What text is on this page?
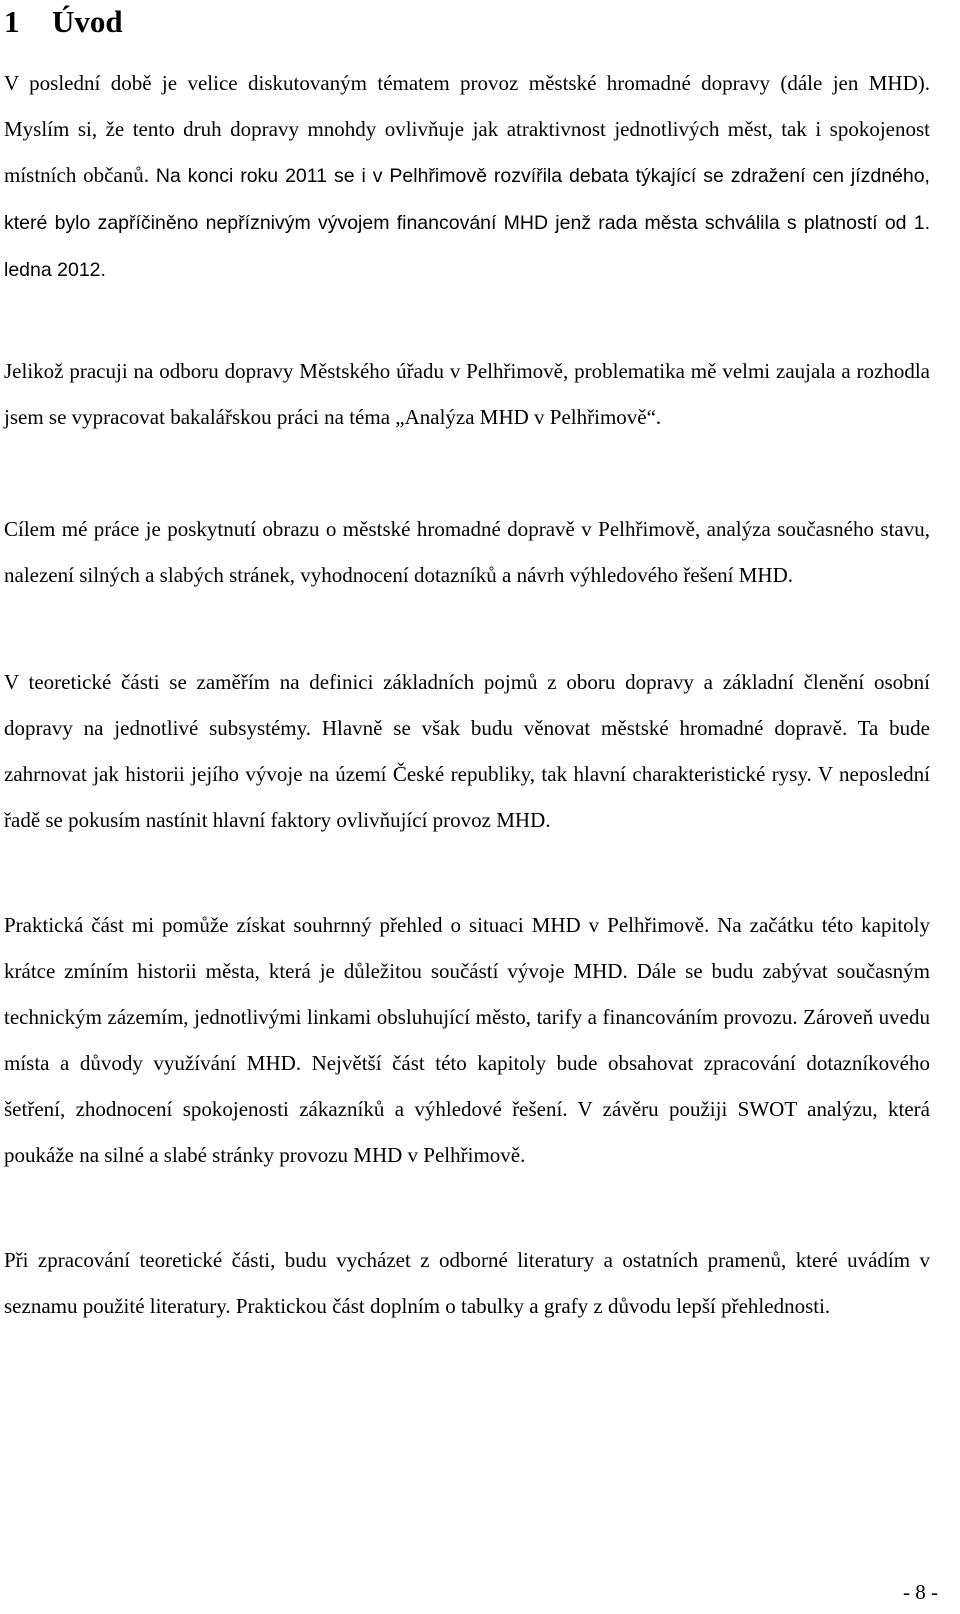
1 Úvod

V poslední době je velice diskutovaným tématem provoz městské hromadné dopravy (dále jen MHD). Myslím si, že tento druh dopravy mnohdy ovlivňuje jak atraktivnost jednotlivých měst, tak i spokojenost místních občanů. Na konci roku 2011 se i v Pelhřimově rozvířila debata týkající se zdražení cen jízdného, které bylo zapříčiněno nepříznivým vývojem financování MHD jenž rada města schválila s platností od 1. ledna 2012.

Jelikož pracuji na odboru dopravy Městského úřadu v Pelhřimově, problematika mě velmi zaujala a rozhodla jsem se vypracovat bakalářskou práci na téma „Analýza MHD v Pelhřimově“.

Cílem mé práce je poskytnutí obrazu o městské hromadné dopravě v Pelhřimově, analýza současného stavu, nalezení silných a slabých stránek, vyhodnocení dotazníků a návrh výhledového řešení MHD.

V teoretické části se zaměřím na definici základních pojmů z oboru dopravy a základní členění osobní dopravy na jednotlivé subsystémy. Hlavně se však budu věnovat městské hromadné dopravě. Ta bude zahrnovat jak historii jejího vývoje na území České republiky, tak hlavní charakteristické rysy. V neposlední řadě se pokusím nastínit hlavní faktory ovlivňující provoz MHD.

Praktická část mi pomůže získat souhrnný přehled o situaci MHD v Pelhřimově. Na začátku této kapitoly krátce zmíním historii města, která je důležitou součástí vývoje MHD. Dále se budu zabývat současným technickým zázemím, jednotlivými linkami obsluhující město, tarify a financováním provozu. Zároveň uvedu místa a důvody využívání MHD. Největší část této kapitoly bude obsahovat zpracování dotazníkového šetření, zhodnocení spokojenosti zákazníků a výhledové řešení. V závěru použiji SWOT analýzu, která poukáže na silné a slabé stránky provozu MHD v Pelhřimově.

Při zpracování teoretické části, budu vycházet z odborné literatury a ostatních pramenů, které uvádím v seznamu použité literatury. Praktickou část doplním o tabulky a grafy z důvodu lepší přehlednosti.

- 8 -
